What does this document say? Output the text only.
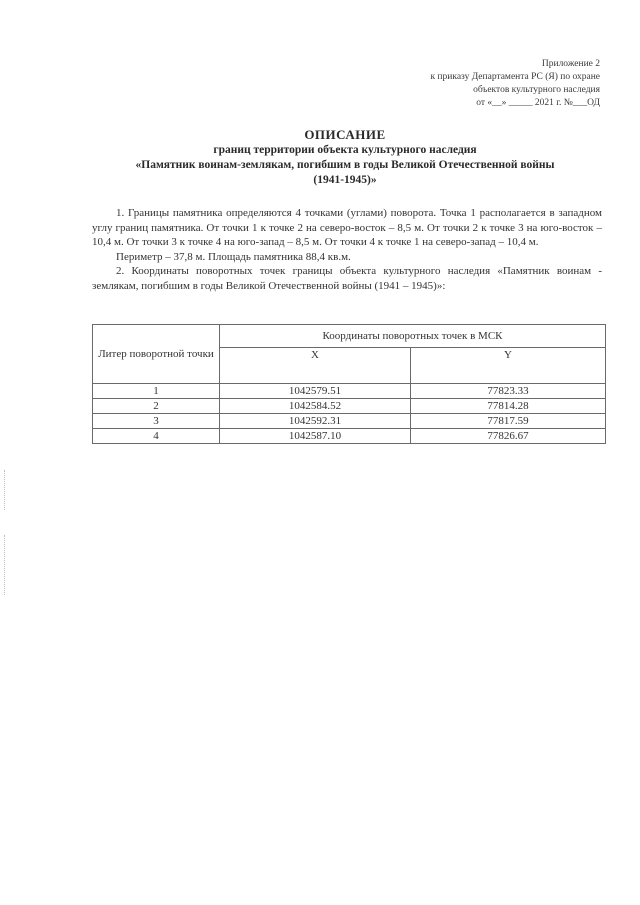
Приложение 2
к приказу Департамента РС (Я) по охране
объектов культурного наследия
от «__» _____ 2021 г. №___ОД
ОПИСАНИЕ
границ территории объекта культурного наследия
«Памятник воинам-землякам, погибшим в годы Великой Отечественной войны
(1941-1945)»

1. Границы памятника определяются 4 точками (углами) поворота. Точка 1 располагается в западном углу границ памятника. От точки 1 к точке 2 на северо-восток – 8,5 м. От точки 2 к точке 3 на юго-восток – 10,4 м. От точки 3 к точке 4 на юго-запад – 8,5 м. От точки 4 к точке 1 на северо-запад – 10,4 м.

Периметр – 37,8 м. Площадь памятника 88,4 кв.м.

2. Координаты поворотных точек границы объекта культурного наследия «Памятник воинам - землякам, погибшим в годы Великой Отечественной войны (1941 – 1945)»:

Литер поворотной точки	Координаты поворотных точек в МСК	
	X	Y
1	1042579.51	77823.33
2	1042584.52	77814.28
3	1042592.31	77817.59
4	1042587.10	77826.67
